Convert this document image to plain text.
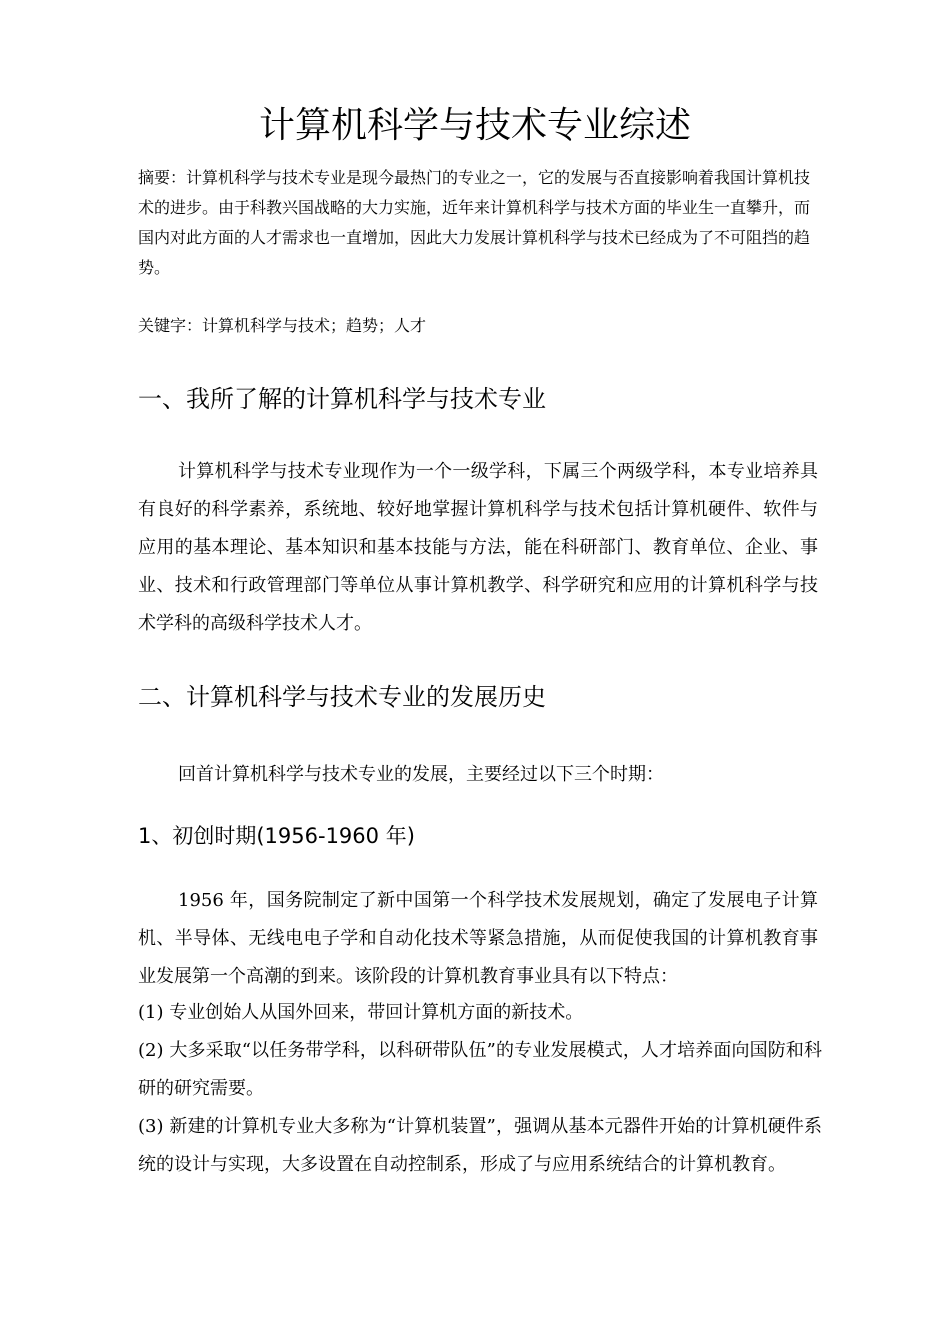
计算机科学与技术专业综述

摘要：计算机科学与技术专业是现今最热门的专业之一，它的发展与否直接影响着我国计算机技术的进步。由于科教兴国战略的大力实施，近年来计算机科学与技术方面的毕业生一直攀升，而国内对此方面的人才需求也一直增加，因此大力发展计算机科学与技术已经成为了不可阻挡的趋势。

关键字：计算机科学与技术；趋势；人才

一、我所了解的计算机科学与技术专业

计算机科学与技术专业现作为一个一级学科，下属三个两级学科，本专业培养具有良好的科学素养，系统地、较好地掌握计算机科学与技术包括计算机硬件、软件与应用的基本理论、基本知识和基本技能与方法，能在科研部门、教育单位、企业、事业、技术和行政管理部门等单位从事计算机教学、科学研究和应用的计算机科学与技术学科的高级科学技术人才。

二、计算机科学与技术专业的发展历史

回首计算机科学与技术专业的发展，主要经过以下三个时期：

1、初创时期(1956-1960 年)

1956 年，国务院制定了新中国第一个科学技术发展规划，确定了发展电子计算机、半导体、无线电电子学和自动化技术等紧急措施，从而促使我国的计算机教育事业发展第一个高潮的到来。该阶段的计算机教育事业具有以下特点：

(1) 专业创始人从国外回来，带回计算机方面的新技术。

(2) 大多采取“以任务带学科，以科研带队伍”的专业发展模式，人才培养面向国防和科研的研究需要。

(3) 新建的计算机专业大多称为“计算机装置”，强调从基本元器件开始的计算机硬件系统的设计与实现，大多设置在自动控制系，形成了与应用系统结合的计算机教育。
